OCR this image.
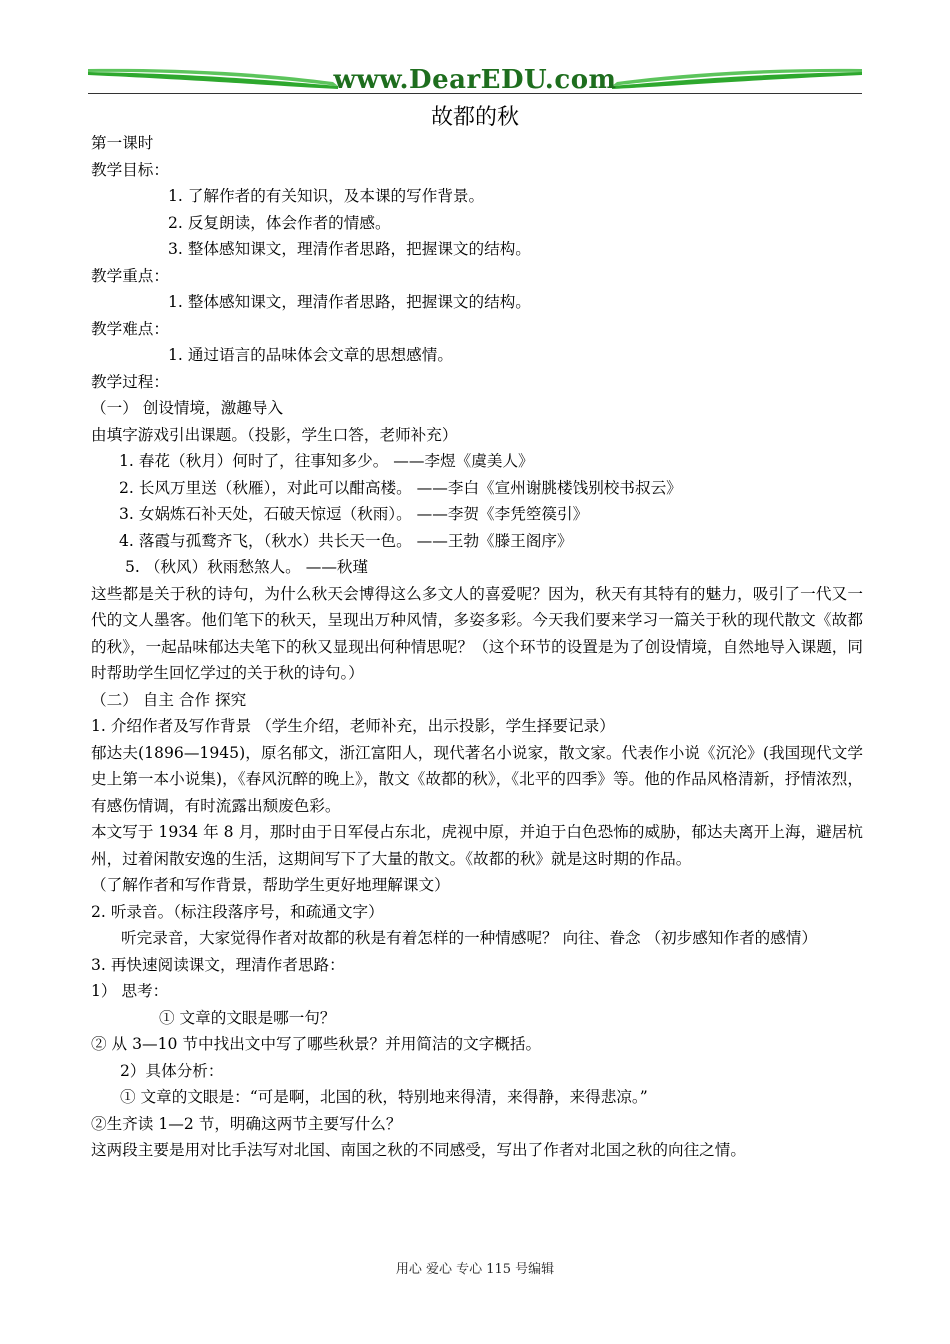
www.DearEDU.com
故都的秋
第一课时
教学目标：
1. 了解作者的有关知识，及本课的写作背景。
2. 反复朗读，体会作者的情感。
3. 整体感知课文，理清作者思路，把握课文的结构。
教学重点：
1. 整体感知课文，理清作者思路，把握课文的结构。
教学难点：
1. 通过语言的品味体会文章的思想感情。
教学过程：
（一） 创设情境，激趣导入
由填字游戏引出课题。（投影，学生口答，老师补充）
1. 春花（秋月）何时了，往事知多少。 ——李煜《虞美人》
2. 长风万里送（秋雁），对此可以酣高楼。 ——李白《宣州谢朓楼饯别校书叔云》
3. 女娲炼石补天处，石破天惊逗（秋雨）。 ——李贺《李凭箜篌引》
4. 落霞与孤鹜齐飞，（秋水）共长天一色。 ——王勃《滕王阁序》
5. （秋风）秋雨愁煞人。 ——秋瑾
这些都是关于秋的诗句，为什么秋天会博得这么多文人的喜爱呢？因为，秋天有其特有的魅力，吸引了一代又一代的文人墨客。他们笔下的秋天，呈现出万种风情，多姿多彩。今天我们要来学习一篇关于秋的现代散文《故都的秋》，一起品味郁达夫笔下的秋又显现出何种情思呢？（这个环节的设置是为了创设情境，自然地导入课题，同时帮助学生回忆学过的关于秋的诗句。）
（二） 自主 合作 探究
1. 介绍作者及写作背景 （学生介绍，老师补充，出示投影，学生择要记录）
郁达夫(1896—1945)，原名郁文，浙江富阳人，现代著名小说家，散文家。代表作小说《沉沦》(我国现代文学史上第一本小说集)，《春风沉醉的晚上》，散文《故都的秋》，《北平的四季》等。他的作品风格清新，抒情浓烈，有感伤情调，有时流露出颓废色彩。
本文写于 1934 年 8 月，那时由于日军侵占东北，虎视中原，并迫于白色恐怖的威胁，郁达夫离开上海，避居杭州，过着闲散安逸的生活，这期间写下了大量的散文。《故都的秋》就是这时期的作品。
（了解作者和写作背景，帮助学生更好地理解课文）
2. 听录音。（标注段落序号，和疏通文字）
听完录音，大家觉得作者对故都的秋是有着怎样的一种情感呢？ 向往、眷念 （初步感知作者的感情）
3. 再快速阅读课文，理清作者思路：
1） 思考：
① 文章的文眼是哪一句？
② 从 3—10 节中找出文中写了哪些秋景？并用简洁的文字概括。
2）具体分析：
① 文章的文眼是：“可是啊，北国的秋，特别地来得清，来得静，来得悲凉。”
②生齐读 1—2 节，明确这两节主要写什么？
这两段主要是用对比手法写对北国、南国之秋的不同感受，写出了作者对北国之秋的向往之情。
用心 爱心 专心 115 号编辑
